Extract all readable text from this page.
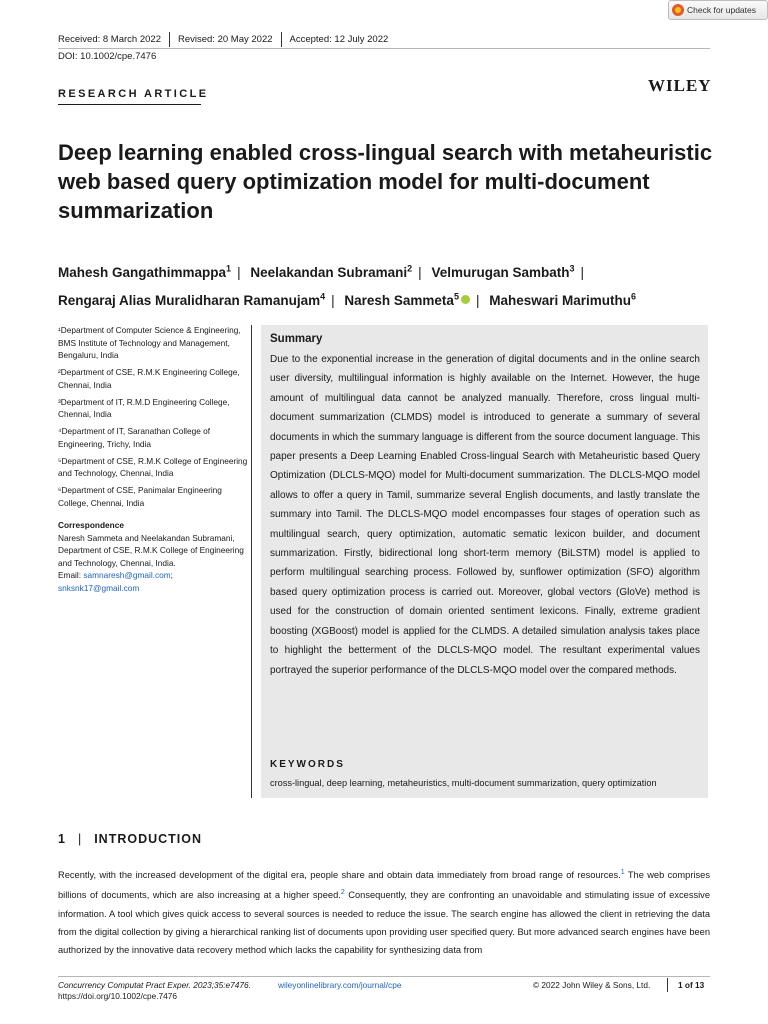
Check for updates
Received: 8 March 2022 Revised: 20 May 2022 Accepted: 12 July 2022
DOI: 10.1002/cpe.7476
RESEARCH ARTICLE	WILEY
Deep learning enabled cross-lingual search with metaheuristic web based query optimization model for multi-document summarization
Mahesh Gangathimmappa$^1$ | Neelakandan Subramani$^2$ | Velmurugan Sambath$^3$ |
Rengaraj Alias Muralidharan Ramanujam$^4$ | Naresh Sammeta$^5$ | Maheswari Marimuthu$^6$

¹Department of Computer Science & Engineering, BMS Institute of Technology and Management, Bengaluru, India

²Department of CSE, R.M.K Engineering College, Chennai, India

³Department of IT, R.M.D Engineering College, Chennai, India

⁴Department of IT, Saranathan College of Engineering, Trichy, India

⁵Department of CSE, R.M.K College of Engineering and Technology, Chennai, India

⁶Department of CSE, Panimalar Engineering College, Chennai, India

Correspondence

Naresh Sammeta and Neelakandan Subramani, Department of CSE, R.M.K College of Engineering and Technology, Chennai, India.
Email: samnaresh@gmail.com;
snksnk17@gmail.com

Summary

Due to the exponential increase in the generation of digital documents and in the online search user diversity, multilingual information is highly available on the Internet. However, the huge amount of multilingual data cannot be analyzed manually. Therefore, cross lingual multi-document summarization (CLMDS) model is introduced to generate a summary of several documents in which the summary language is different from the source document language. This paper presents a Deep Learning Enabled Cross-lingual Search with Metaheuristic based Query Optimization (DLCLS-MQO) model for Multi-document summarization. The DLCLS-MQO model allows to offer a query in Tamil, summarize several English documents, and lastly translate the summary into Tamil. The DLCLS-MQO model encompasses four stages of operation such as multilingual search, query optimization, automatic sematic lexicon builder, and document summarization. Firstly, bidirectional long short-term memory (BiLSTM) model is applied to perform multilingual searching process. Followed by, sunflower optimization (SFO) algorithm based query optimization process is carried out. Moreover, global vectors (GloVe) method is used for the construction of domain oriented sentiment lexicons. Finally, extreme gradient boosting (XGBoost) model is applied for the CLMDS. A detailed simulation analysis takes place to highlight the betterment of the DLCLS-MQO model. The resultant experimental values portrayed the superior performance of the DLCLS-MQO model over the compared methods.

KEYWORDS
cross-lingual, deep learning, metaheuristics, multi-document summarization, query optimization
1 | INTRODUCTION

Recently, with the increased development of the digital era, people share and obtain data immediately from broad range of resources.$^1$ The web comprises billions of documents, which are also increasing at a higher speed.$^2$ Consequently, they are confronting an unavoidable and stimulating issue of excessive information. A tool which gives quick access to several sources is needed to reduce the issue. The search engine has allowed the client in retrieving the data from the digital collection by giving a hierarchical ranking list of documents upon providing user specified query. But more advanced search engines have been authorized by the innovative data recovery method which lacks the capability for synthesizing data from

Concurrency Computat Pract Exper. 2023;35:e7476.
https://doi.org/10.1002/cpe.7476
wileyonlinelibrary.com/journal/cpe	© 2022 John Wiley & Sons, Ltd.	1 of 13
